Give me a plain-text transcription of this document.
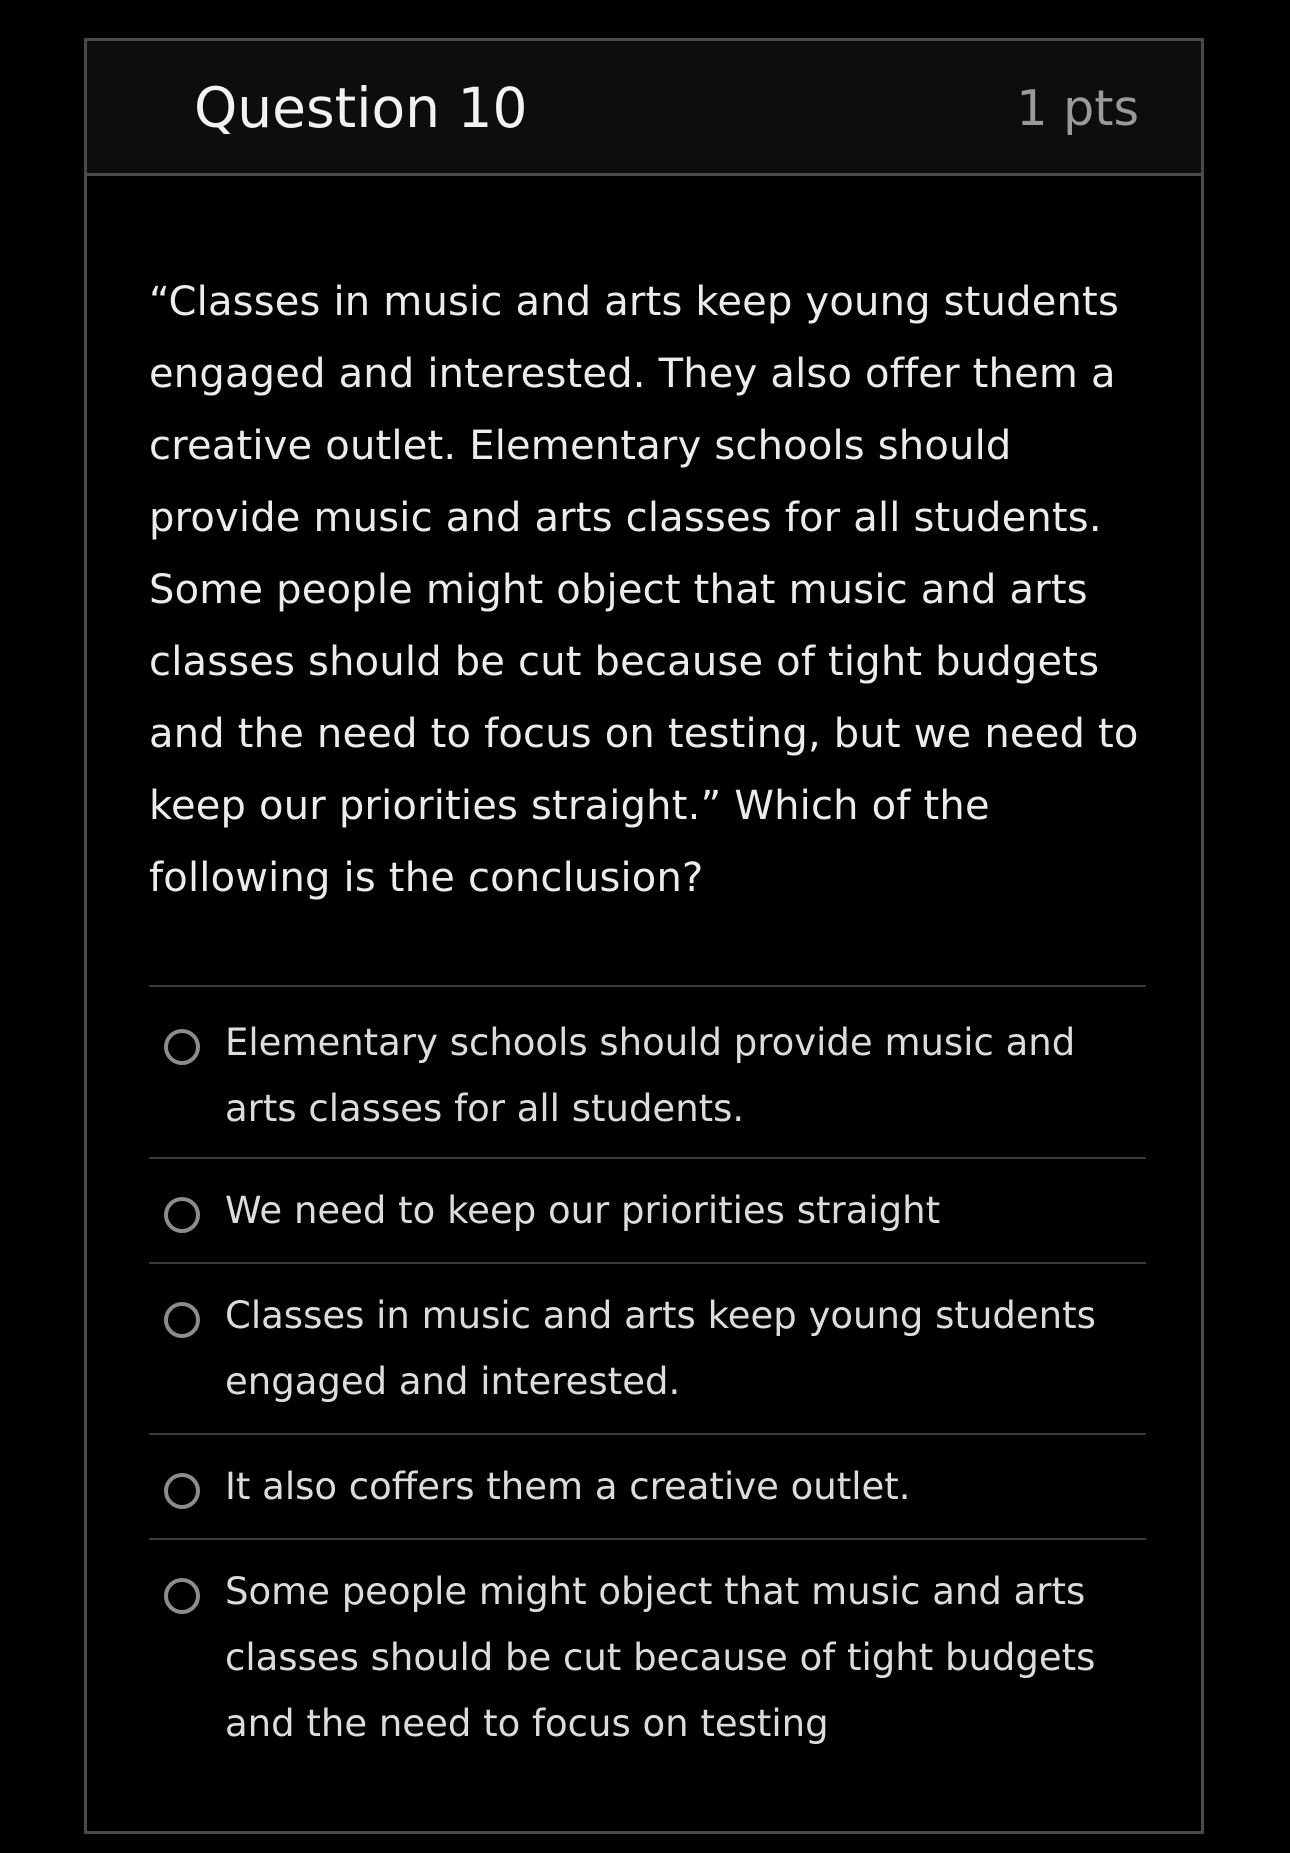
Question 10	1 pts

“Classes in music and arts keep young students engaged and interested. They also offer them a creative outlet. Elementary schools should provide music and arts classes for all students. Some people might object that music and arts classes should be cut because of tight budgets and the need to focus on testing, but we need to keep our priorities straight.” Which of the following is the conclusion?

Elementary schools should provide music and arts classes for all students.
We need to keep our priorities straight
Classes in music and arts keep young students engaged and interested.
It also coffers them a creative outlet.
Some people might object that music and arts classes should be cut because of tight budgets and the need to focus on testing
